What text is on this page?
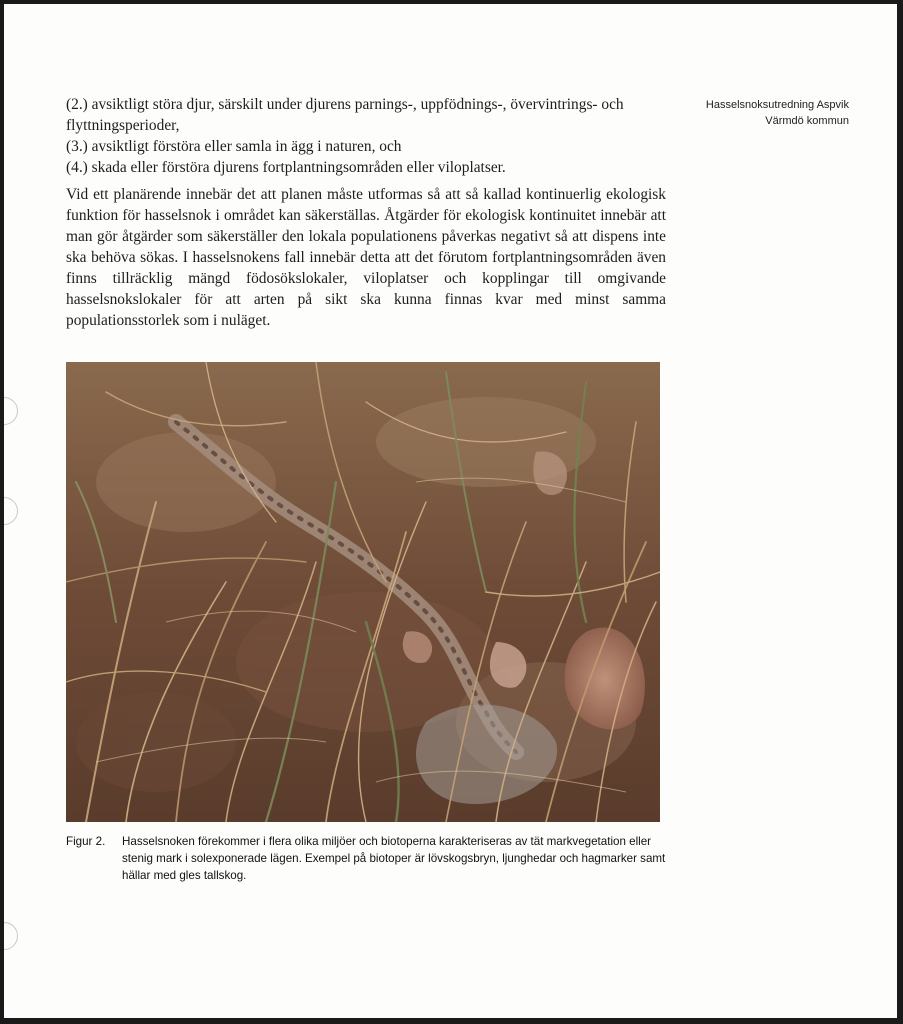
Hasselsnoksutredning Aspvik
Värmdö kommun

(2.) avsiktligt störa djur, särskilt under djurens parnings-, uppfödnings-, övervintrings- och flyttningsperioder,

(3.) avsiktligt förstöra eller samla in ägg i naturen, och

(4.) skada eller förstöra djurens fortplantningsområden eller viloplatser.

Vid ett planärende innebär det att planen måste utformas så att så kallad kontinuerlig ekologisk funktion för hasselsnok i området kan säkerställas. Åtgärder för ekologisk kontinuitet innebär att man gör åtgärder som säkerställer den lokala populationens påverkas negativt så att dispens inte ska behöva sökas. I hasselsnokens fall innebär detta att det förutom fortplantningsområden även finns tillräcklig mängd födosökslokaler, viloplatser och kopplingar till omgivande hasselsnokslokaler för att arten på sikt ska kunna finnas kvar med minst samma populationsstorlek som i nuläget.

Figur 2.	Hasselsnoken förekommer i flera olika miljöer och biotoperna karakteriseras av tät markvegetation eller stenig mark i solexponerade lägen. Exempel på biotoper är lövskogsbryn, ljunghedar och hagmarker samt hällar med gles tallskog.
